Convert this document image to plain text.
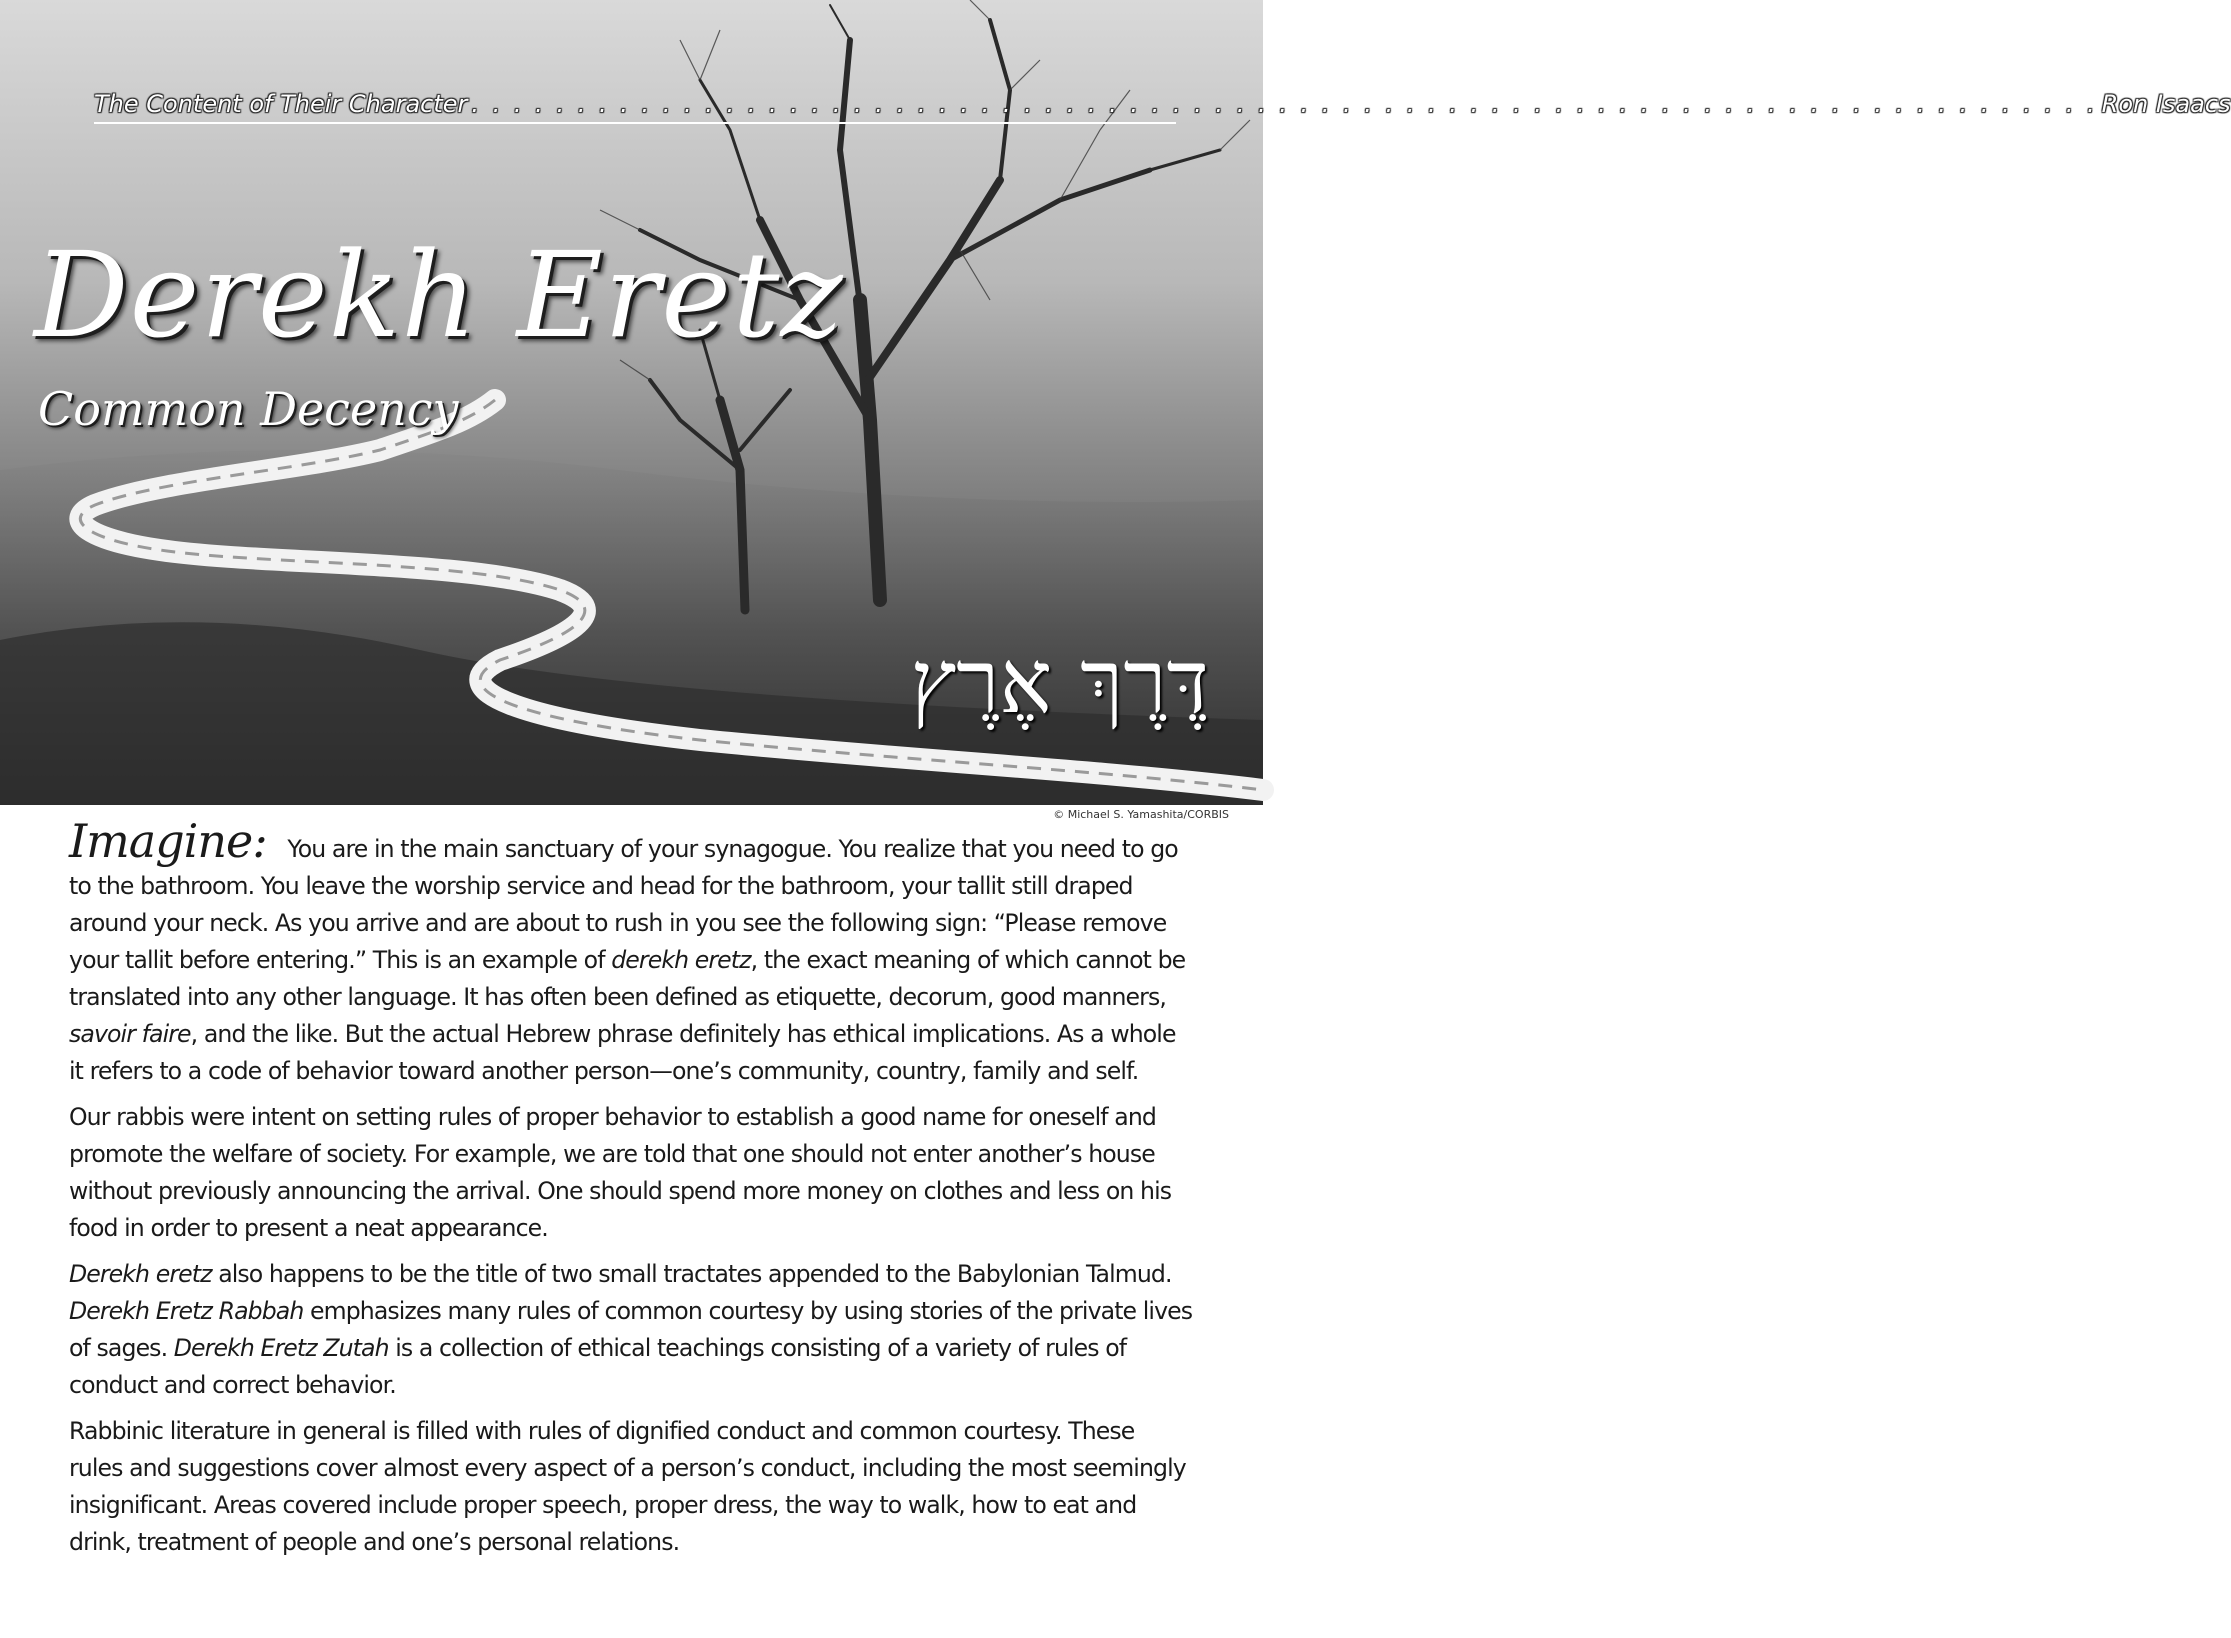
The Content of Their Character . . . . . . . . . . . . . . . . . . . . . . . . . . . . . . . . . . . . . . . . . . . . . . . . . . . . . . . . . . . . . . . . . . . . . . . . . . . . . Ron Isaacs
Derekh Eretz
Common Decency
דֶּרֶךְ אֶרֶץ
© Michael S. Yamashita/CORBIS

Imagine: You are in the main sanctuary of your synagogue. You realize that you need to go to the bathroom. You leave the worship service and head for the bathroom, your tallit still draped around your neck. As you arrive and are about to rush in you see the following sign: “Please remove your tallit before entering.” This is an example of derekh eretz, the exact meaning of which cannot be translated into any other language. It has often been defined as etiquette, decorum, good manners, savoir faire, and the like. But the actual Hebrew phrase definitely has ethical implications. As a whole it refers to a code of behavior toward another person—one’s community, country, family and self.

Our rabbis were intent on setting rules of proper behavior to establish a good name for oneself and promote the welfare of society. For example, we are told that one should not enter another’s house without previously announcing the arrival. One should spend more money on clothes and less on his food in order to present a neat appearance.

Derekh eretz also happens to be the title of two small tractates appended to the Babylonian Talmud. Derekh Eretz Rabbah emphasizes many rules of common courtesy by using stories of the private lives of sages. Derekh Eretz Zutah is a collection of ethical teachings consisting of a variety of rules of conduct and correct behavior.

Rabbinic literature in general is filled with rules of dignified conduct and common courtesy. These rules and suggestions cover almost every aspect of a person’s conduct, including the most seemingly insignificant. Areas covered include proper speech, proper dress, the way to walk, how to eat and drink, treatment of people and one’s personal relations.
